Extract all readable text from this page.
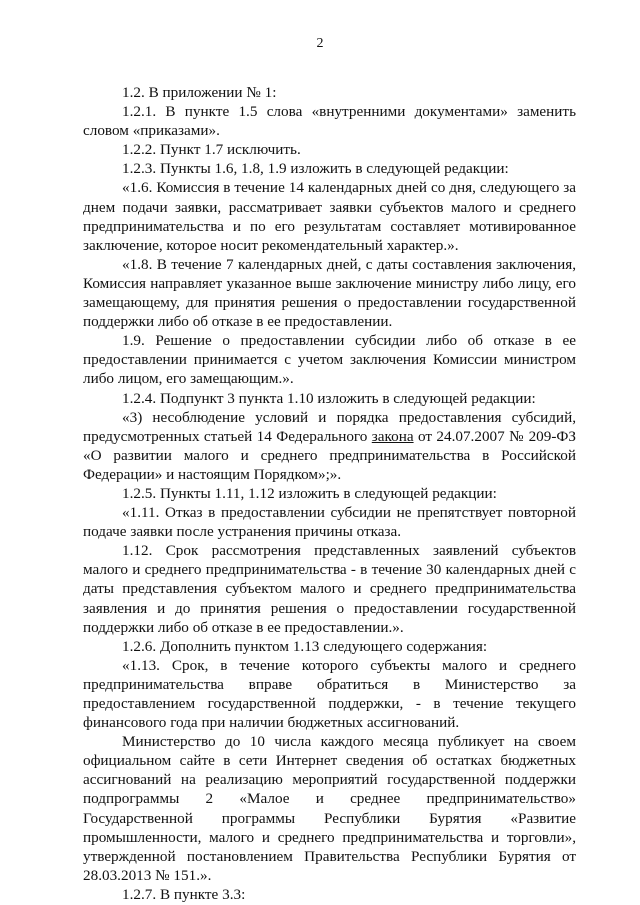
2

1.2. В приложении № 1:

1.2.1. В пункте 1.5 слова «внутренними документами» заменить словом «приказами».

1.2.2. Пункт 1.7 исключить.

1.2.3. Пункты 1.6, 1.8, 1.9 изложить в следующей редакции:

«1.6. Комиссия в течение 14 календарных дней со дня, следующего за днем подачи заявки, рассматривает заявки субъектов малого и среднего предпринимательства и по его результатам составляет мотивированное заключение, которое носит рекомендательный характер.».

«1.8. В течение 7 календарных дней, с даты составления заключения, Комиссия направляет указанное выше заключение министру либо лицу, его замещающему, для принятия решения о предоставлении государственной поддержки либо об отказе в ее предоставлении.

1.9. Решение о предоставлении субсидии либо об отказе в ее предоставлении принимается с учетом заключения Комиссии министром либо лицом, его замещающим.».

1.2.4. Подпункт 3 пункта 1.10 изложить в следующей редакции:

«3) несоблюдение условий и порядка предоставления субсидий, предусмотренных статьей 14 Федерального закона от 24.07.2007 № 209-ФЗ «О развитии малого и среднего предпринимательства в Российской Федерации» и настоящим Порядком»;».

1.2.5. Пункты 1.11, 1.12 изложить в следующей редакции:

«1.11. Отказ в предоставлении субсидии не препятствует повторной подаче заявки после устранения причины отказа.

1.12. Срок рассмотрения представленных заявлений субъектов малого и среднего предпринимательства - в течение 30 календарных дней с даты представления субъектом малого и среднего предпринимательства заявления и до принятия решения о предоставлении государственной поддержки либо об отказе в ее предоставлении.».

1.2.6. Дополнить пунктом 1.13 следующего содержания:

«1.13. Срок, в течение которого субъекты малого и среднего предпринимательства вправе обратиться в Министерство за предоставлением государственной поддержки, - в течение текущего финансового года при наличии бюджетных ассигнований.

Министерство до 10 числа каждого месяца публикует на своем официальном сайте в сети Интернет сведения об остатках бюджетных ассигнований на реализацию мероприятий государственной поддержки подпрограммы 2 «Малое и среднее предпринимательство» Государственной программы Республики Бурятия «Развитие промышленности, малого и среднего предпринимательства и торговли», утвержденной постановлением Правительства Республики Бурятия от 28.03.2013 № 151.».

1.2.7. В пункте 3.3:
